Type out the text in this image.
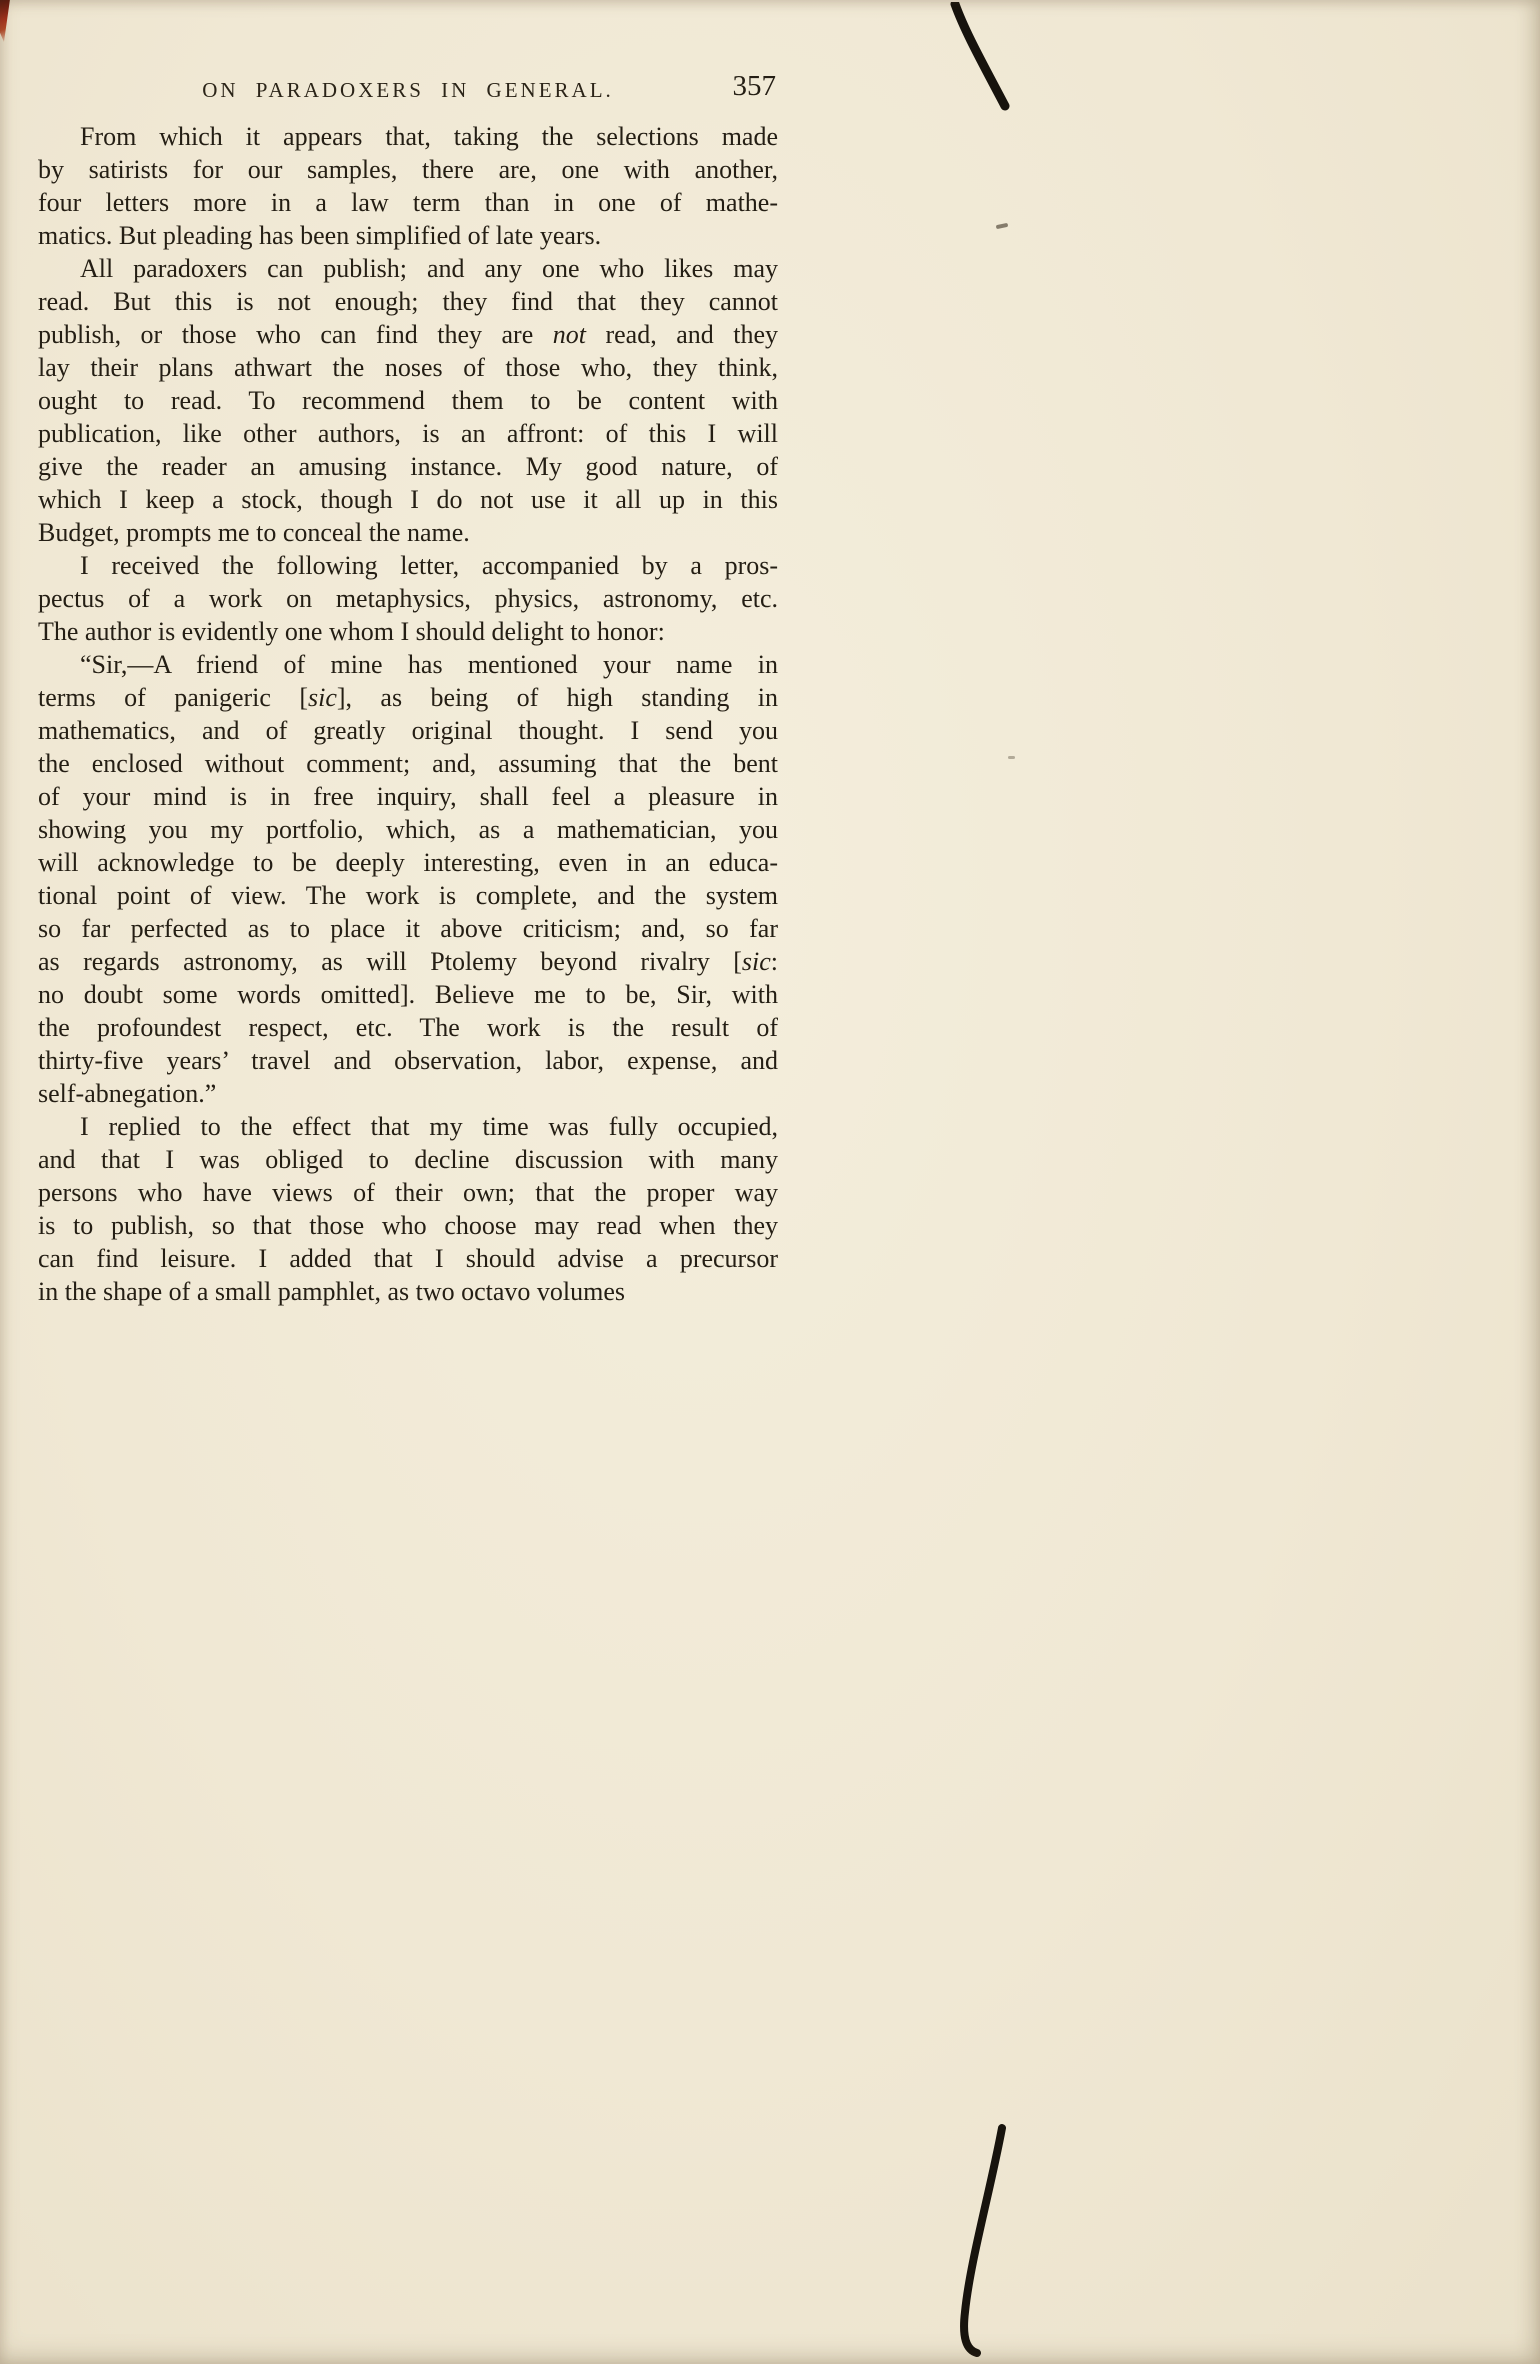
ON PARADOXERS IN GENERAL.	357
From which it appears that, taking the selections made
by satirists for our samples, there are, one with another,
four letters more in a law term than in one of mathe-
matics. But pleading has been simplified of late years.
All paradoxers can publish; and any one who likes may
read. But this is not enough; they find that they cannot
publish, or those who can find they are not read, and they
lay their plans athwart the noses of those who, they think,
ought to read. To recommend them to be content with
publication, like other authors, is an affront: of this I will
give the reader an amusing instance. My good nature, of
which I keep a stock, though I do not use it all up in this
Budget, prompts me to conceal the name.
I received the following letter, accompanied by a pros-
pectus of a work on metaphysics, physics, astronomy, etc.
The author is evidently one whom I should delight to honor:
“Sir,—A friend of mine has mentioned your name in
terms of panigeric [sic], as being of high standing in
mathematics, and of greatly original thought. I send you
the enclosed without comment; and, assuming that the bent
of your mind is in free inquiry, shall feel a pleasure in
showing you my portfolio, which, as a mathematician, you
will acknowledge to be deeply interesting, even in an educa-
tional point of view. The work is complete, and the system
so far perfected as to place it above criticism; and, so far
as regards astronomy, as will Ptolemy beyond rivalry [sic:
no doubt some words omitted]. Believe me to be, Sir, with
the profoundest respect, etc. The work is the result of
thirty-five years’ travel and observation, labor, expense, and
self-abnegation.”
I replied to the effect that my time was fully occupied,
and that I was obliged to decline discussion with many
persons who have views of their own; that the proper way
is to publish, so that those who choose may read when they
can find leisure. I added that I should advise a precursor
in the shape of a small pamphlet, as two octavo volumes
